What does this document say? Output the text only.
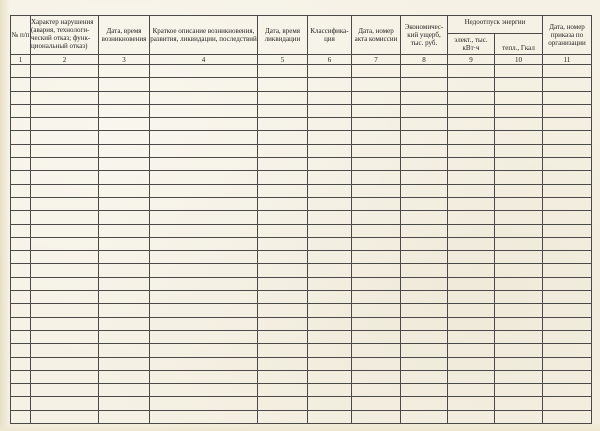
№ п/п	Характер нарушения (авария, технологи-ческий отказ; функ-циональный отказ)	Дата, время возникновения	Краткое описание возникновения, развития, ликвидации, последствий	Дата, время ликвидации	Классифика-ция	Дата, номер акта комиссии	Экономичес-кий ущерб, тыс. руб.	Недоотпуск энергии		Дата, номер приказа по организации
								элект., тыс. кВт·ч	тепл., Гкал	
1	2	3	4	5	6	7	8	9	10	11
